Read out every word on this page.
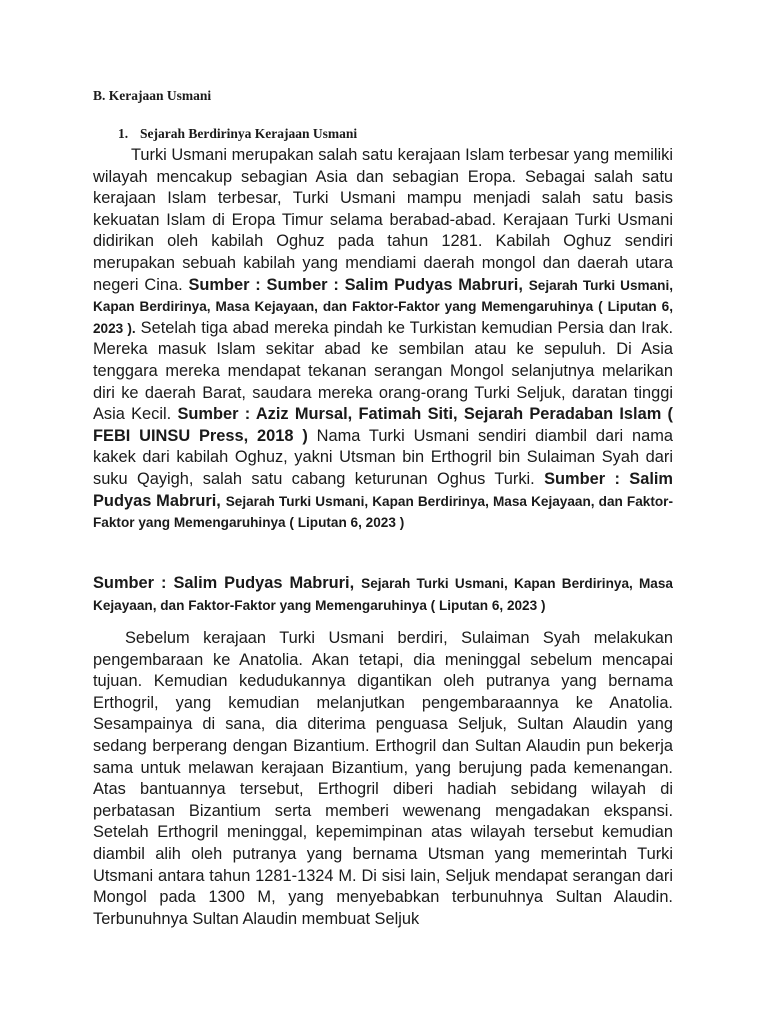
B. Kerajaan Usmani
1. Sejarah Berdirinya Kerajaan Usmani

Turki Usmani merupakan salah satu kerajaan Islam terbesar yang memiliki wilayah mencakup sebagian Asia dan sebagian Eropa. Sebagai salah satu kerajaan Islam terbesar, Turki Usmani mampu menjadi salah satu basis kekuatan Islam di Eropa Timur selama berabad-abad. Kerajaan Turki Usmani didirikan oleh kabilah Oghuz pada tahun 1281. Kabilah Oghuz sendiri merupakan sebuah kabilah yang mendiami daerah mongol dan daerah utara negeri Cina. Sumber : Sumber : Salim Pudyas Mabruri, Sejarah Turki Usmani, Kapan Berdirinya, Masa Kejayaan, dan Faktor-Faktor yang Memengaruhinya ( Liputan 6, 2023 ). Setelah tiga abad mereka pindah ke Turkistan kemudian Persia dan Irak. Mereka masuk Islam sekitar abad ke sembilan atau ke sepuluh. Di Asia tenggara mereka mendapat tekanan serangan Mongol selanjutnya melarikan diri ke daerah Barat, saudara mereka orang-orang Turki Seljuk, daratan tinggi Asia Kecil. Sumber : Aziz Mursal, Fatimah Siti, Sejarah Peradaban Islam ( FEBI UINSU Press, 2018 ) Nama Turki Usmani sendiri diambil dari nama kakek dari kabilah Oghuz, yakni Utsman bin Erthogril bin Sulaiman Syah dari suku Qayigh, salah satu cabang keturunan Oghus Turki. Sumber : Salim Pudyas Mabruri, Sejarah Turki Usmani, Kapan Berdirinya, Masa Kejayaan, dan Faktor-Faktor yang Memengaruhinya ( Liputan 6, 2023 )

Sumber : Salim Pudyas Mabruri, Sejarah Turki Usmani, Kapan Berdirinya, Masa Kejayaan, dan Faktor-Faktor yang Memengaruhinya ( Liputan 6, 2023 )

Sebelum kerajaan Turki Usmani berdiri, Sulaiman Syah melakukan pengembaraan ke Anatolia. Akan tetapi, dia meninggal sebelum mencapai tujuan. Kemudian kedudukannya digantikan oleh putranya yang bernama Erthogril, yang kemudian melanjutkan pengembaraannya ke Anatolia. Sesampainya di sana, dia diterima penguasa Seljuk, Sultan Alaudin yang sedang berperang dengan Bizantium. Erthogril dan Sultan Alaudin pun bekerja sama untuk melawan kerajaan Bizantium, yang berujung pada kemenangan. Atas bantuannya tersebut, Erthogril diberi hadiah sebidang wilayah di perbatasan Bizantium serta memberi wewenang mengadakan ekspansi. Setelah Erthogril meninggal, kepemimpinan atas wilayah tersebut kemudian diambil alih oleh putranya yang bernama Utsman yang memerintah Turki Utsmani antara tahun 1281-1324 M. Di sisi lain, Seljuk mendapat serangan dari Mongol pada 1300 M, yang menyebabkan terbunuhnya Sultan Alaudin. Terbunuhnya Sultan Alaudin membuat Seljuk
